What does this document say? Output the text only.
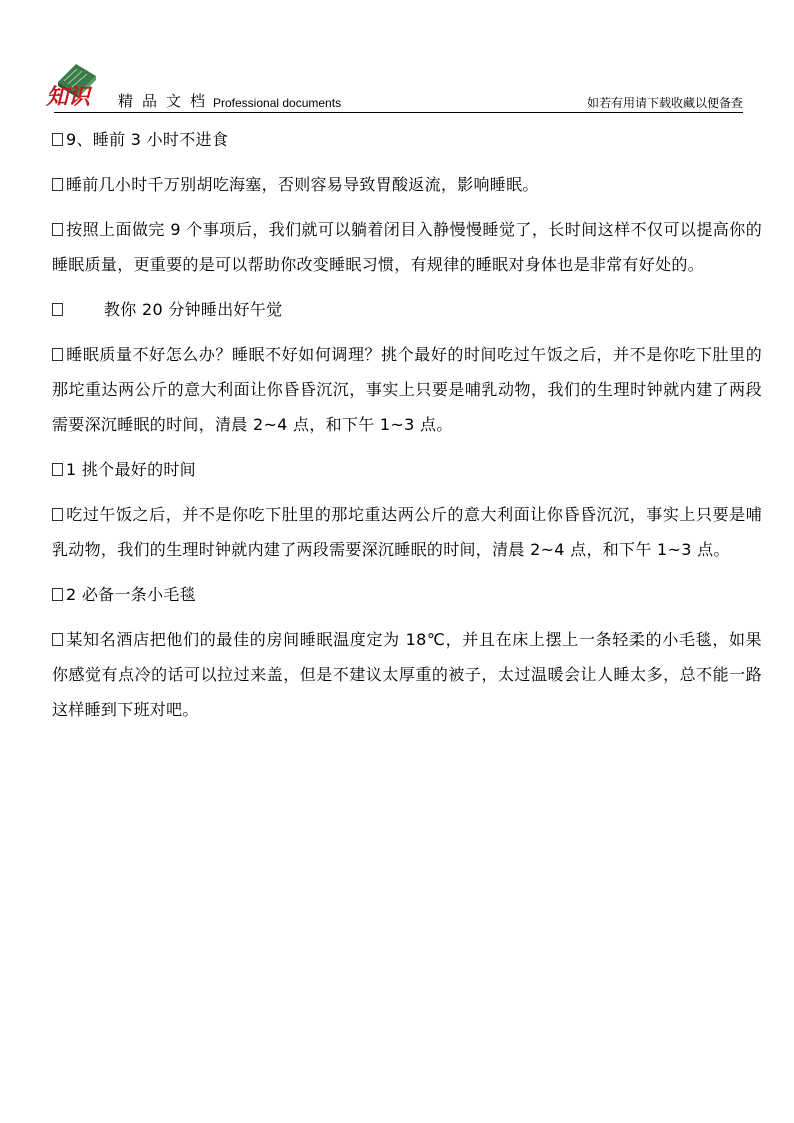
知识 精品文档
Professional documents	如若有用请下载收藏以便备查

9、睡前 3 小时不进食

睡前几小时千万别胡吃海塞，否则容易导致胃酸返流，影响睡眠。

按照上面做完 9 个事项后，我们就可以躺着闭目入静慢慢睡觉了，长时间这样不仅可以提高你的睡眠质量，更重要的是可以帮助你改变睡眠习惯，有规律的睡眠对身体也是非常有好处的。

教你 20 分钟睡出好午觉

睡眠质量不好怎么办？睡眠不好如何调理？挑个最好的时间吃过午饭之后，并不是你吃下肚里的那坨重达两公斤的意大利面让你昏昏沉沉，事实上只要是哺乳动物，我们的生理时钟就内建了两段需要深沉睡眠的时间，清晨 2~4 点，和下午 1~3 点。

1 挑个最好的时间

吃过午饭之后，并不是你吃下肚里的那坨重达两公斤的意大利面让你昏昏沉沉，事实上只要是哺乳动物，我们的生理时钟就内建了两段需要深沉睡眠的时间，清晨 2~4 点，和下午 1~3 点。

2 必备一条小毛毯

某知名酒店把他们的最佳的房间睡眠温度定为 18℃，并且在床上摆上一条轻柔的小毛毯，如果你感觉有点冷的话可以拉过来盖，但是不建议太厚重的被子，太过温暖会让人睡太多，总不能一路这样睡到下班对吧。
